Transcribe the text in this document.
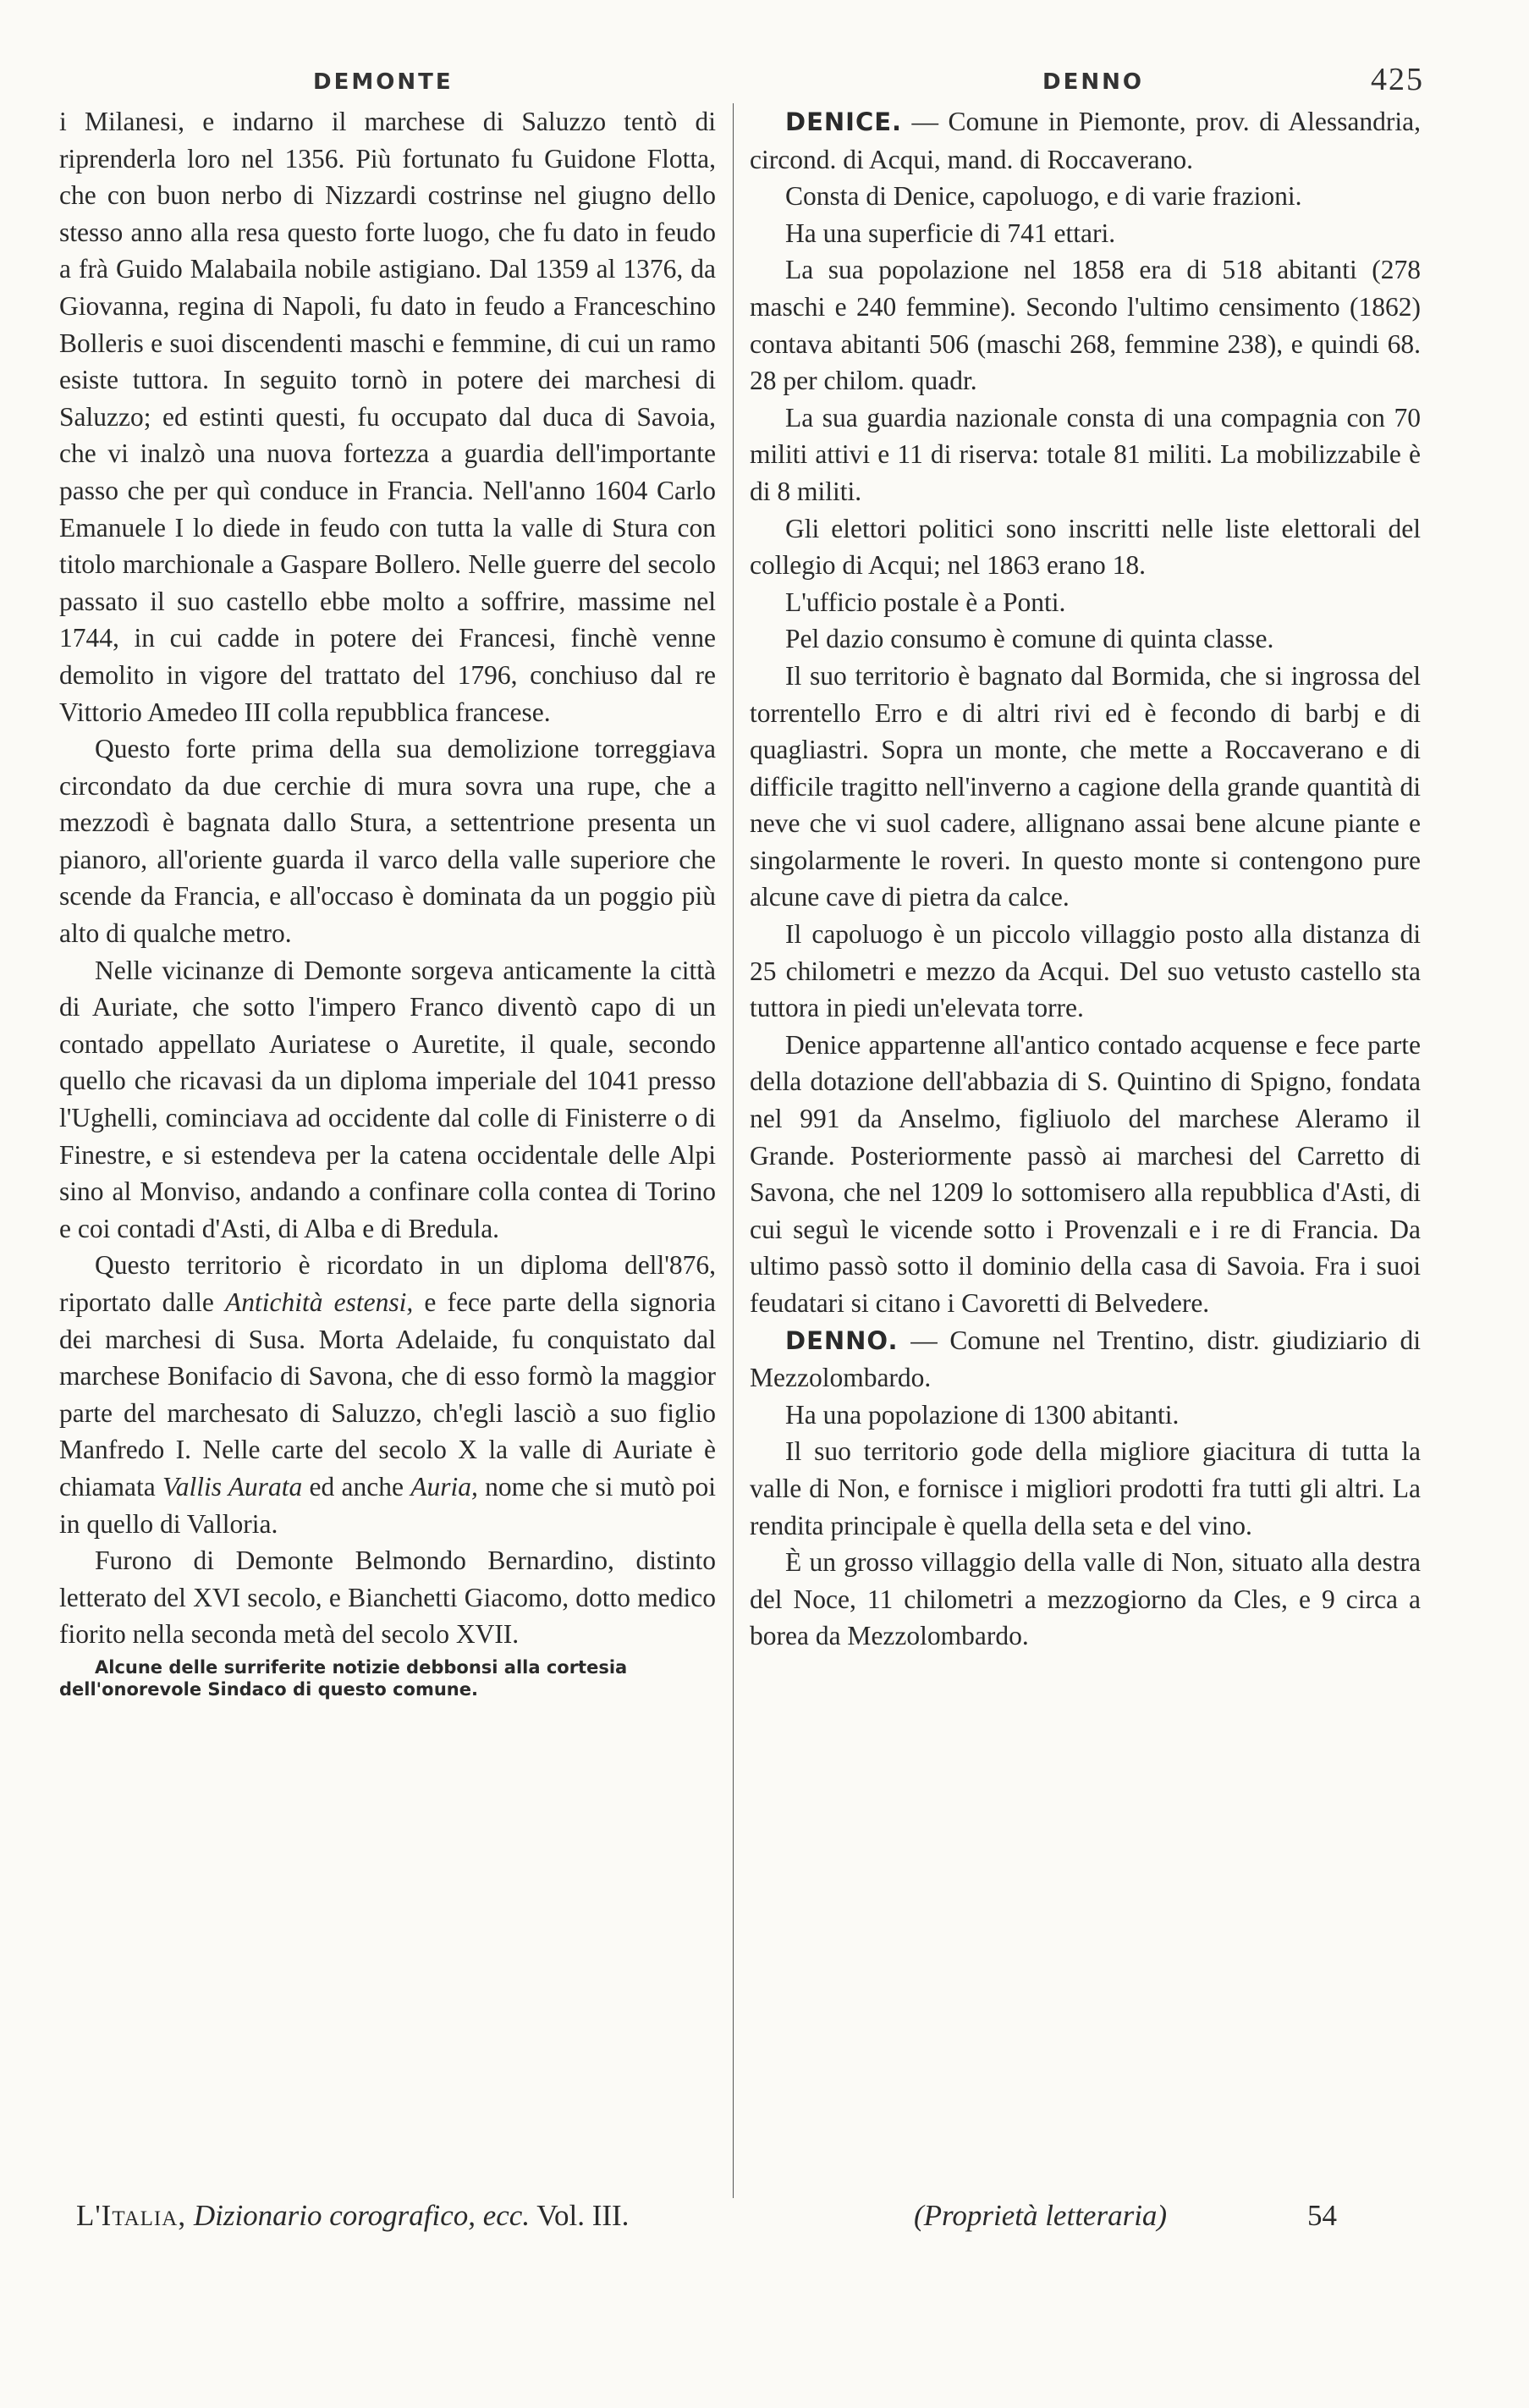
DEMONTE	DENNO	425

i Milanesi, e indarno il marchese di Saluzzo tentò di riprenderla loro nel 1356. Più fortunato fu Guidone Flotta, che con buon nerbo di Nizzardi costrinse nel giugno dello stesso anno alla resa questo forte luogo, che fu dato in feudo a frà Guido Malabaila nobile astigiano. Dal 1359 al 1376, da Giovanna, regina di Napoli, fu dato in feudo a Franceschino Bolleris e suoi discendenti maschi e femmine, di cui un ramo esiste tuttora. In seguito tornò in potere dei marchesi di Saluzzo; ed estinti questi, fu occupato dal duca di Savoia, che vi inalzò una nuova fortezza a guardia dell'importante passo che per quì conduce in Francia. Nell'anno 1604 Carlo Emanuele I lo diede in feudo con tutta la valle di Stura con titolo marchionale a Gaspare Bollero. Nelle guerre del secolo passato il suo castello ebbe molto a soffrire, massime nel 1744, in cui cadde in potere dei Francesi, finchè venne demolito in vigore del trattato del 1796, conchiuso dal re Vittorio Amedeo III colla repubblica francese.

Questo forte prima della sua demolizione torreggiava circondato da due cerchie di mura sovra una rupe, che a mezzodì è bagnata dallo Stura, a settentrione presenta un pianoro, all'oriente guarda il varco della valle superiore che scende da Francia, e all'occaso è dominata da un poggio più alto di qualche metro.

Nelle vicinanze di Demonte sorgeva anticamente la città di Auriate, che sotto l'impero Franco diventò capo di un contado appellato Auriatese o Auretite, il quale, secondo quello che ricavasi da un diploma imperiale del 1041 presso l'Ughelli, cominciava ad occidente dal colle di Finisterre o di Finestre, e si estendeva per la catena occidentale delle Alpi sino al Monviso, andando a confinare colla contea di Torino e coi contadi d'Asti, di Alba e di Bredula.

Questo territorio è ricordato in un diploma dell'876, riportato dalle Antichità estensi, e fece parte della signoria dei marchesi di Susa. Morta Adelaide, fu conquistato dal marchese Bonifacio di Savona, che di esso formò la maggior parte del marchesato di Saluzzo, ch'egli lasciò a suo figlio Manfredo I. Nelle carte del secolo X la valle di Auriate è chiamata Vallis Aurata ed anche Auria, nome che si mutò poi in quello di Valloria.

Furono di Demonte Belmondo Bernardino, distinto letterato del XVI secolo, e Bianchetti Giacomo, dotto medico fiorito nella seconda metà del secolo XVII.

Alcune delle surriferite notizie debbonsi alla cortesia dell'onorevole Sindaco di questo comune.

DENICE. — Comune in Piemonte, prov. di Alessandria, circond. di Acqui, mand. di Roccaverano.

Consta di Denice, capoluogo, e di varie frazioni.

Ha una superficie di 741 ettari.

La sua popolazione nel 1858 era di 518 abitanti (278 maschi e 240 femmine). Secondo l'ultimo censimento (1862) contava abitanti 506 (maschi 268, femmine 238), e quindi 68. 28 per chilom. quadr.

La sua guardia nazionale consta di una compagnia con 70 militi attivi e 11 di riserva: totale 81 militi. La mobilizzabile è di 8 militi.

Gli elettori politici sono inscritti nelle liste elettorali del collegio di Acqui; nel 1863 erano 18.

L'ufficio postale è a Ponti.

Pel dazio consumo è comune di quinta classe.

Il suo territorio è bagnato dal Bormida, che si ingrossa del torrentello Erro e di altri rivi ed è fecondo di barbj e di quagliastri. Sopra un monte, che mette a Roccaverano e di difficile tragitto nell'inverno a cagione della grande quantità di neve che vi suol cadere, allignano assai bene alcune piante e singolarmente le roveri. In questo monte si contengono pure alcune cave di pietra da calce.

Il capoluogo è un piccolo villaggio posto alla distanza di 25 chilometri e mezzo da Acqui. Del suo vetusto castello sta tuttora in piedi un'elevata torre.

Denice appartenne all'antico contado acquense e fece parte della dotazione dell'abbazia di S. Quintino di Spigno, fondata nel 991 da Anselmo, figliuolo del marchese Aleramo il Grande. Posteriormente passò ai marchesi del Carretto di Savona, che nel 1209 lo sottomisero alla repubblica d'Asti, di cui seguì le vicende sotto i Provenzali e i re di Francia. Da ultimo passò sotto il dominio della casa di Savoia. Fra i suoi feudatari si citano i Cavoretti di Belvedere.

DENNO. — Comune nel Trentino, distr. giudiziario di Mezzolombardo.

Ha una popolazione di 1300 abitanti.

Il suo territorio gode della migliore giacitura di tutta la valle di Non, e fornisce i migliori prodotti fra tutti gli altri. La rendita principale è quella della seta e del vino.

È un grosso villaggio della valle di Non, situato alla destra del Noce, 11 chilometri a mezzogiorno da Cles, e 9 circa a borea da Mezzolombardo.

L'Italia, Dizionario corografico, ecc. Vol. III.	(Proprietà letteraria)	54
